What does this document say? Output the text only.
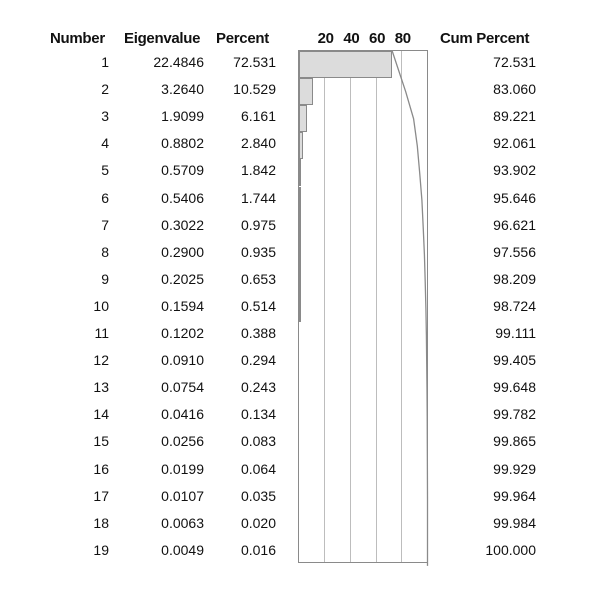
Number Eigenvalue Percent	Cum Percent
20 40 60 80
1	22.4846 72.531	72.531
2	3.2640 10.529	83.060
3	1.9099	6.161	89.221
4	0.8802	2.840	92.061
5	0.5709	1.842	93.902
6	0.5406	1.744	95.646
7	0.3022	0.975	96.621
8	0.2900	0.935	97.556
9	0.2025	0.653	98.209
10	0.1594	0.514	98.724
11	0.1202	0.388	99.111
12	0.0910	0.294	99.405
13	0.0754	0.243	99.648
14	0.0416	0.134	99.782
15	0.0256	0.083	99.865
16	0.0199	0.064	99.929
17	0.0107	0.035	99.964
18	0.0063	0.020	99.984
19	0.0049	0.016	100.000
